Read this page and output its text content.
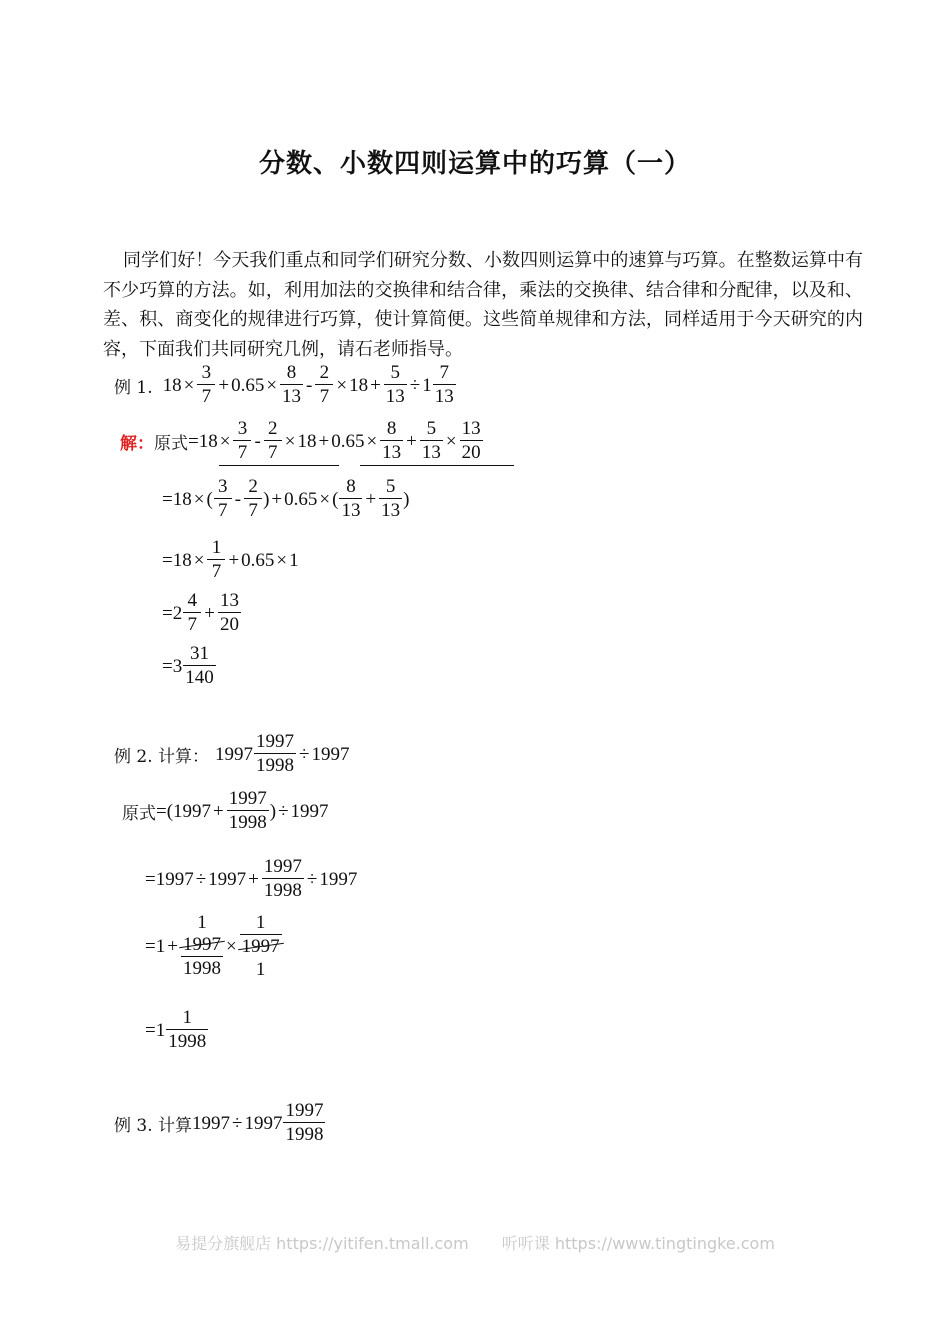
分数、小数四则运算中的巧算（一）

同学们好！今天我们重点和同学们研究分数、小数四则运算中的速算与巧算。在整数运算中有不少巧算的方法。如，利用加法的交换律和结合律，乘法的交换律、结合律和分配律，以及和、差、积、商变化的规律进行巧算，使计算简便。这些简单规律和方法，同样适用于今天研究的内容，下面我们共同研究几例，请石老师指导。

例 1. $18 \times \frac{3}{7} + 0.65 \times \frac{8}{13} - \frac{2}{7} \times 18 + \frac{5}{13} \div 1 \frac{7}{13}$
解： 原式 = $18 \times \frac{3}{7} - \frac{2}{7} \times 18 + 0.65 \times \frac{8}{13} + \frac{5}{13} \times \frac{13}{20}$
= 18 × ( $\frac{3}{7} - \frac{2}{7}$ ) + 0.65 × ( $\frac{8}{13} + \frac{5}{13}$ )
= $18 \times \frac{1}{7} + 0.65 \times 1$
= $2 \frac{4}{7} + \frac{13}{20}$
= $3 \frac{31}{140}$
例 2. 计算： $1997 \frac{1997}{1998} \div 1997$
原式 = ( $1997 + \frac{1997}{1998}$ ) ÷ 1997
= $1997 \div 1997 + \frac{1997}{1998} \div 1997$
= 1 +
1
1997
1998
×
1
1997
1
= $1 \frac{1}{1998}$
例 3. 计算 $1997 \div 1997 \frac{1997}{1998}$
易提分旗舰店 https://yitifen.tmall.com 听听课 https://www.tingtingke.com
